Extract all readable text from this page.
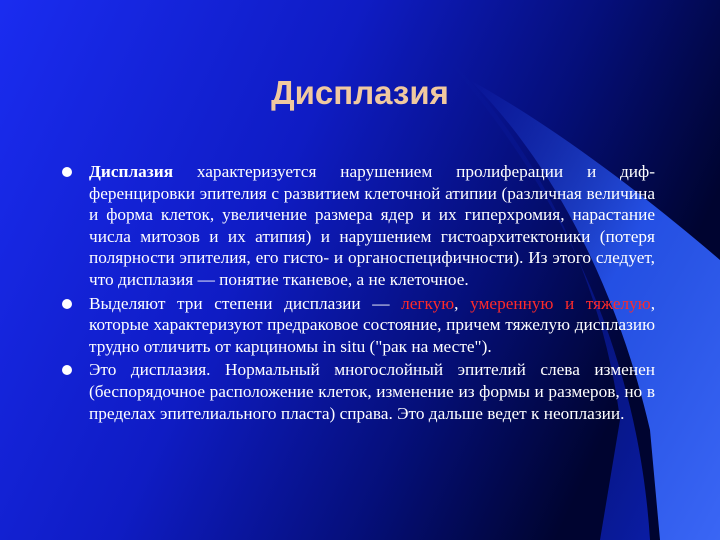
Дисплазия
Дисплазия характеризуется нарушением пролиферации и диф-ференцировки эпителия с развитием клеточной атипии (различная величина и форма клеток, увеличение размера ядер и их гиперхромия, нарастание числа митозов и их атипия) и нарушением гистоархитектоники (потеря полярности эпителия, его гисто- и органоспецифичности). Из этого следует, что дисплазия — понятие тканевое, а не клеточное.
Выделяют три степени дисплазии — легкую, умеренную и тяжелую, которые характеризуют предраковое состояние, причем тяжелую дисплазию трудно отличить от карциномы in situ ("рак на месте").
Это дисплазия. Нормальный многослойный эпителий слева изменен (беспорядочное расположение клеток, изменение из формы и размеров, но в пределах эпителиального пласта) справа. Это дальше ведет к неоплазии.
